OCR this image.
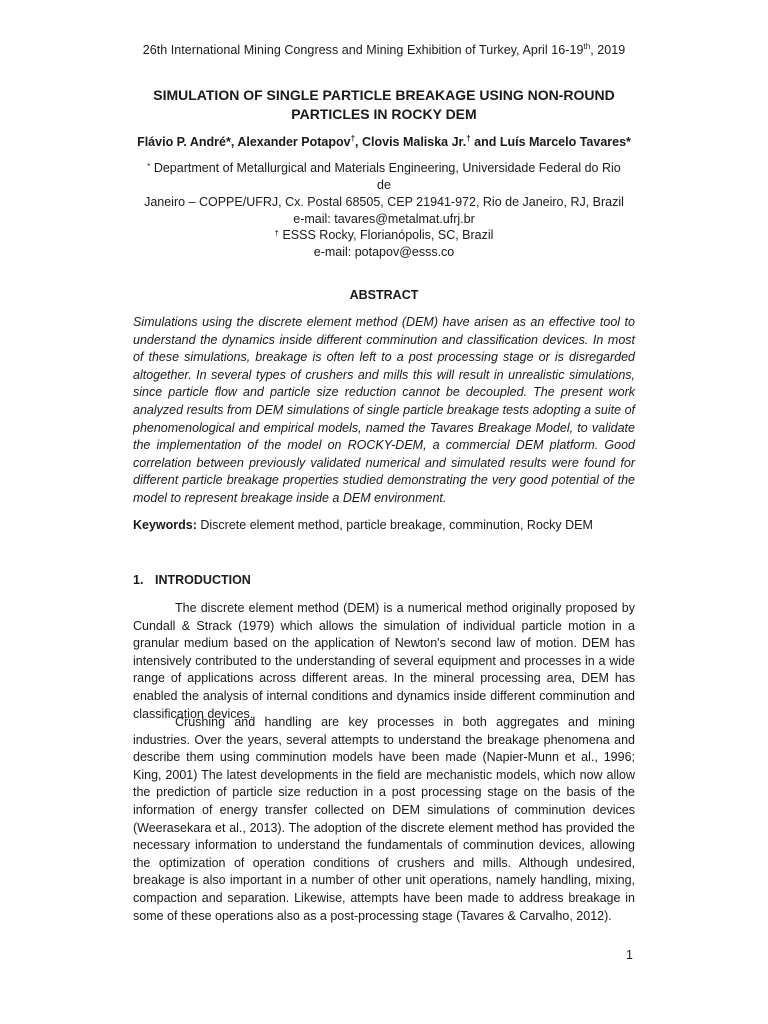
26th International Mining Congress and Mining Exhibition of Turkey, April 16-19th, 2019
SIMULATION OF SINGLE PARTICLE BREAKAGE USING NON-ROUND
PARTICLES IN ROCKY DEM
Flávio P. André*, Alexander Potapov†, Clovis Maliska Jr.† and Luís Marcelo Tavares*
* Department of Metallurgical and Materials Engineering, Universidade Federal do Rio de
Janeiro – COPPE/UFRJ, Cx. Postal 68505, CEP 21941-972, Rio de Janeiro, RJ, Brazil
e-mail: tavares@metalmat.ufrj.br
† ESSS Rocky, Florianópolis, SC, Brazil
e-mail: potapov@esss.co
ABSTRACT
Simulations using the discrete element method (DEM) have arisen as an effective tool to understand the dynamics inside different comminution and classification devices. In most of these simulations, breakage is often left to a post processing stage or is disregarded altogether. In several types of crushers and mills this will result in unrealistic simulations, since particle flow and particle size reduction cannot be decoupled. The present work analyzed results from DEM simulations of single particle breakage tests adopting a suite of phenomenological and empirical models, named the Tavares Breakage Model, to validate the implementation of the model on ROCKY-DEM, a commercial DEM platform. Good correlation between previously validated numerical and simulated results were found for different particle breakage properties studied demonstrating the very good potential of the model to represent breakage inside a DEM environment.
Keywords: Discrete element method, particle breakage, comminution, Rocky DEM
1. INTRODUCTION
The discrete element method (DEM) is a numerical method originally proposed by Cundall & Strack (1979) which allows the simulation of individual particle motion in a granular medium based on the application of Newton's second law of motion. DEM has intensively contributed to the understanding of several equipment and processes in a wide range of applications across different areas. In the mineral processing area, DEM has enabled the analysis of internal conditions and dynamics inside different comminution and classification devices.
Crushing and handling are key processes in both aggregates and mining industries. Over the years, several attempts to understand the breakage phenomena and describe them using comminution models have been made (Napier-Munn et al., 1996; King, 2001) The latest developments in the field are mechanistic models, which now allow the prediction of particle size reduction in a post processing stage on the basis of the information of energy transfer collected on DEM simulations of comminution devices (Weerasekara et al., 2013). The adoption of the discrete element method has provided the necessary information to understand the fundamentals of comminution devices, allowing the optimization of operation conditions of crushers and mills. Although undesired, breakage is also important in a number of other unit operations, namely handling, mixing, compaction and separation. Likewise, attempts have been made to address breakage in some of these operations also as a post-processing stage (Tavares & Carvalho, 2012).
1
